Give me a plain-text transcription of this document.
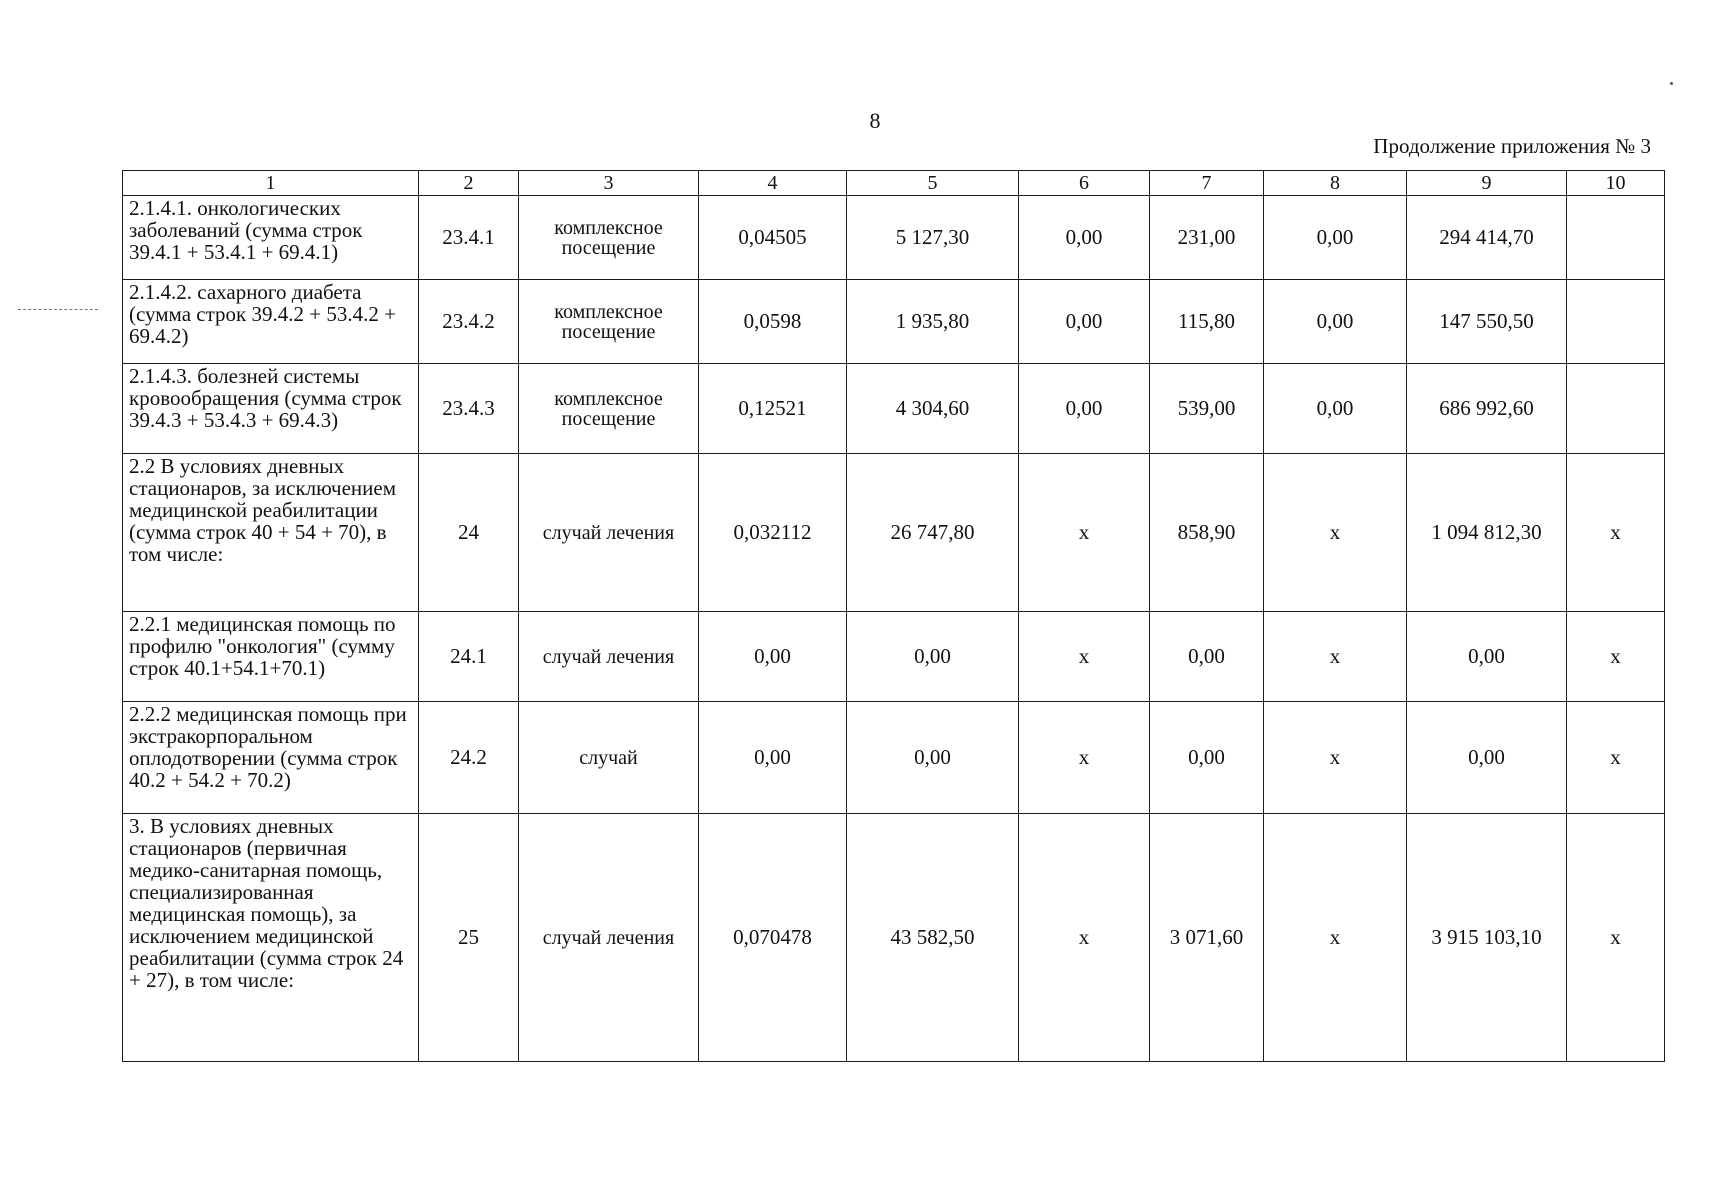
8
Продолжение приложения № 3
1	2	3	4	5	6	7	8	9	10
2.1.4.1. онкологических заболеваний (сумма строк 39.4.1 + 53.4.1 + 69.4.1)	23.4.1	комплексное посещение	0,04505	5 127,30	0,00	231,00	0,00	294 414,70	
2.1.4.2. сахарного диабета (сумма строк 39.4.2 + 53.4.2 + 69.4.2)	23.4.2	комплексное посещение	0,0598	1 935,80	0,00	115,80	0,00	147 550,50	
2.1.4.3. болезней системы кровообращения (сумма строк 39.4.3 + 53.4.3 + 69.4.3)	23.4.3	комплексное посещение	0,12521	4 304,60	0,00	539,00	0,00	686 992,60	
2.2 В условиях дневных стационаров, за исключением медицинской реабилитации (сумма строк 40 + 54 + 70), в том числе:	24	случай лечения	0,032112	26 747,80	х	858,90	х	1 094 812,30	х
2.2.1 медицинская помощь по профилю "онкология" (сумму строк 40.1+54.1+70.1)	24.1	случай лечения	0,00	0,00	х	0,00	х	0,00	х
2.2.2 медицинская помощь при экстракорпоральном оплодотворении (сумма строк 40.2 + 54.2 + 70.2)	24.2	случай	0,00	0,00	х	0,00	х	0,00	х
3. В условиях дневных стационаров (первичная медико-санитарная помощь, специализированная медицинская помощь), за исключением медицинской реабилитации (сумма строк 24 + 27), в том числе:	25	случай лечения	0,070478	43 582,50	х	3 071,60	х	3 915 103,10	х
